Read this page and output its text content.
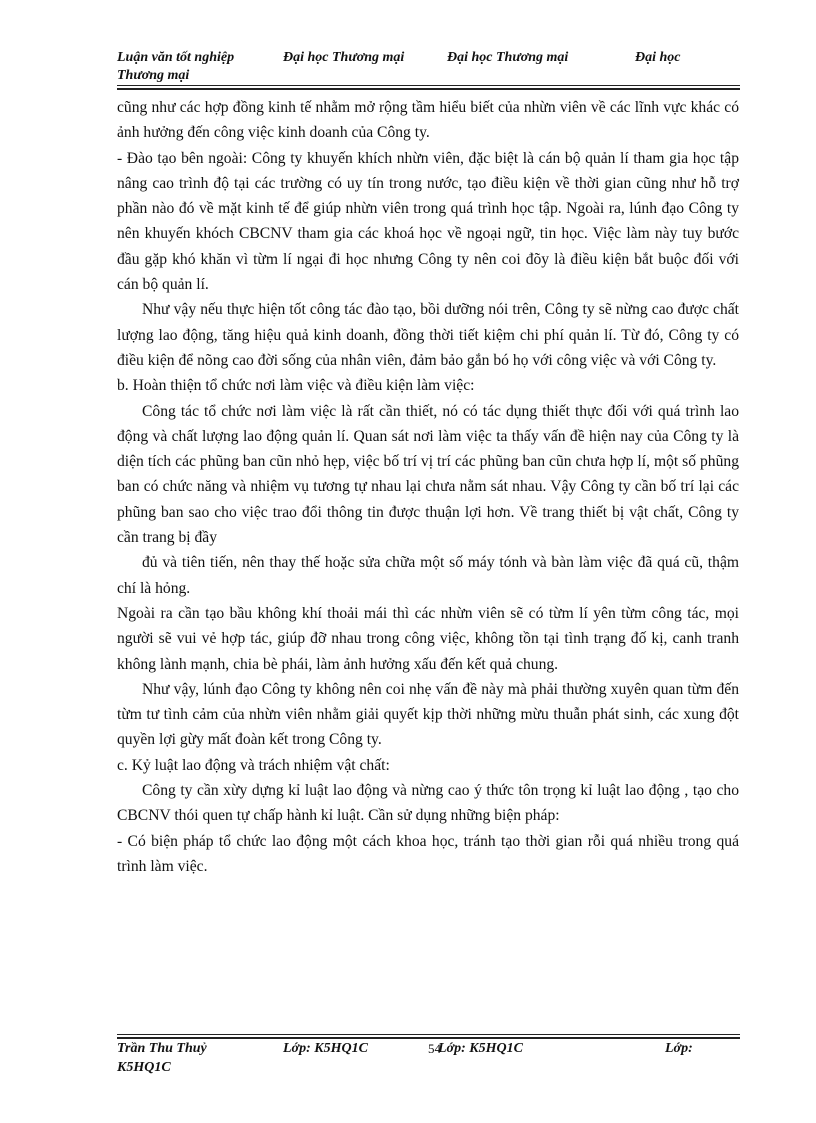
Luận văn tốt nghiệp	Đại học Thương mại	Đại học Thương mại	Đại học
Thương mại

cũng như các hợp đồng kinh tế nhằm mở rộng tầm hiểu biết của nhừn viên về các lĩnh vực khác có ảnh hưởng đến công việc kinh doanh của Công ty.

- Đào tạo bên ngoài: Công ty khuyến khích nhừn viên, đặc biệt là cán bộ quản lí tham gia học tập nâng cao trình độ tại các trường có uy tín trong nước, tạo điều kiện về thời gian cũng như hỗ trợ phần nào đó về mặt kinh tế để giúp nhừn viên trong quá trình học tập. Ngoài ra, lúnh đạo Công ty nên khuyến khóch CBCNV tham gia các khoá học về ngoại ngữ, tin học. Việc làm này tuy bước đầu gặp khó khăn vì từm lí ngại đi học nhưng Công ty nên coi đõy là điều kiện bắt buộc đối với cán bộ quản lí.

Như vậy nếu thực hiện tốt công tác đào tạo, bồi dưỡng nói trên, Công ty sẽ nừng cao được chất lượng lao động, tăng hiệu quả kinh doanh, đồng thời tiết kiệm chi phí quản lí. Từ đó, Công ty có điều kiện để nõng cao đời sống của nhân viên, đảm bảo gắn bó họ với công việc và với Công ty.

b. Hoàn thiện tổ chức nơi làm việc và điều kiện làm việc:

Công tác tổ chức nơi làm việc là rất cần thiết, nó có tác dụng thiết thực đối với quá trình lao động và chất lượng lao động quản lí. Quan sát nơi làm việc ta thấy vấn đề hiện nay của Công ty là diện tích các phũng ban cũn nhỏ hẹp, việc bố trí vị trí các phũng ban cũn chưa hợp lí, một số phũng ban có chức năng và nhiệm vụ tương tự nhau lại chưa nằm sát nhau. Vậy Công ty cần bố trí lại các phũng ban sao cho việc trao đổi thông tin được thuận lợi hơn. Về trang thiết bị vật chất, Công ty cần trang bị đầy

đủ và tiên tiến, nên thay thế hoặc sửa chữa một số máy tónh và bàn làm việc đã quá cũ, thậm chí là hỏng.

Ngoài ra cần tạo bầu không khí thoải mái thì các nhừn viên sẽ có từm lí yên từm công tác, mọi người sẽ vui vẻ hợp tác, giúp đỡ nhau trong công việc, không tồn tại tình trạng đố kị, canh tranh không lành mạnh, chia bè phái, làm ảnh hưởng xấu đến kết quả chung.

Như vậy, lúnh đạo Công ty không nên coi nhẹ vấn đề này mà phải thường xuyên quan từm đến từm tư tình cảm của nhừn viên nhằm giải quyết kịp thời những mừu thuẫn phát sinh, các xung đột quyền lợi gừy mất đoàn kết trong Công ty.

c. Kỷ luật lao động và trách nhiệm vật chất:

Công ty cần xừy dựng kỉ luật lao động và nừng cao ý thức tôn trọng kỉ luật lao động , tạo cho CBCNV thói quen tự chấp hành kỉ luật. Cần sử dụng những biện pháp:

- Có biện pháp tổ chức lao động một cách khoa học, tránh tạo thời gian rỗi quá nhiều trong quá trình làm việc.

Trần Thu Thuỷ	Lớp: K5HQ1C	54
Lớp: K5HQ1C	Lớp:
K5HQ1C
